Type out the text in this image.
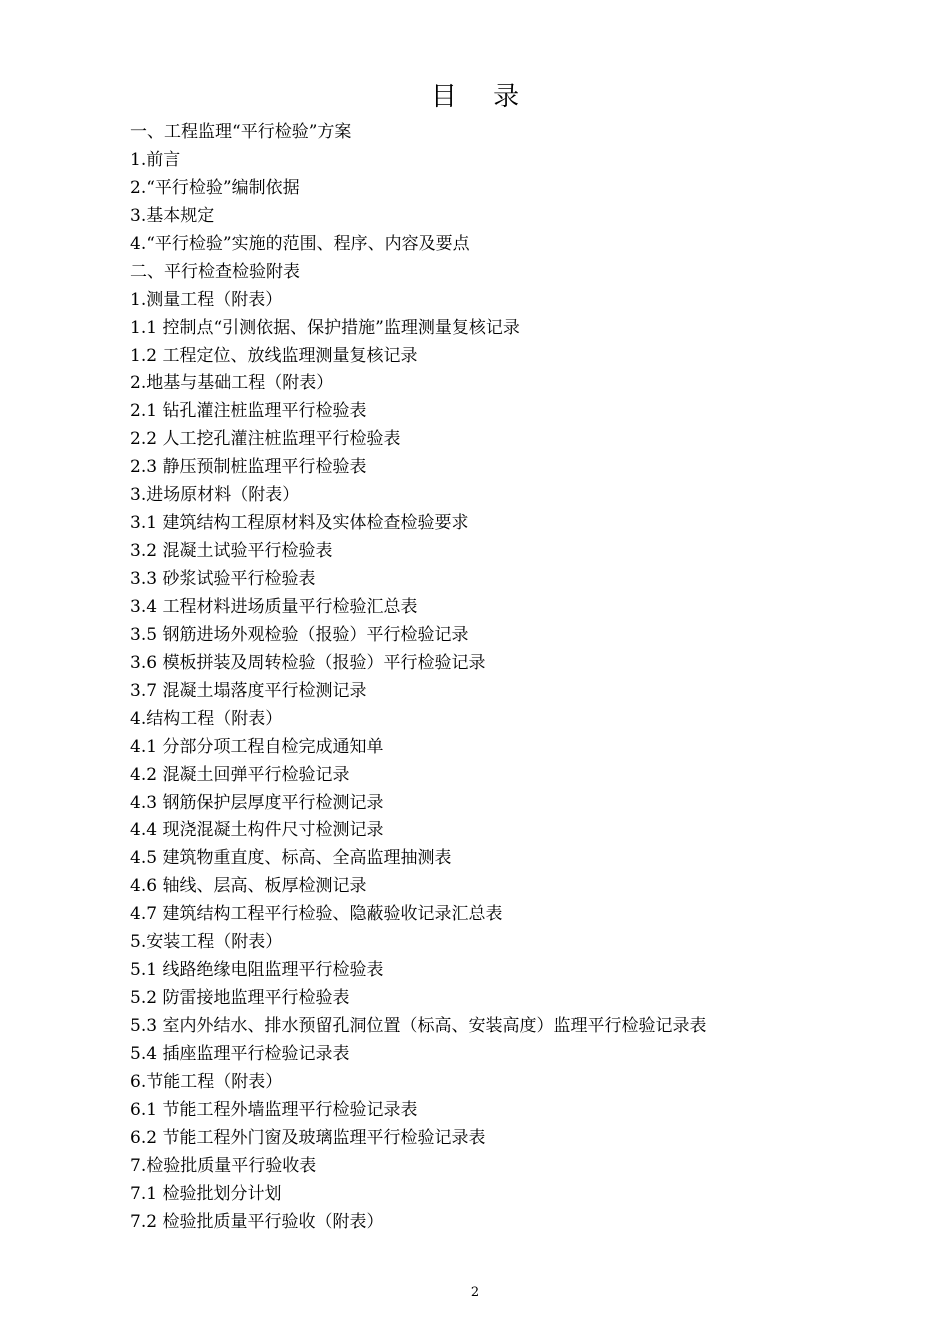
目 录
一、工程监理“平行检验”方案
1.前言
2.“平行检验”编制依据
3.基本规定
4.“平行检验”实施的范围、程序、内容及要点
二、平行检查检验附表
1.测量工程（附表）
1.1 控制点“引测依据、保护措施”监理测量复核记录
1.2 工程定位、放线监理测量复核记录
2.地基与基础工程（附表）
2.1 钻孔灌注桩监理平行检验表
2.2 人工挖孔灌注桩监理平行检验表
2.3 静压预制桩监理平行检验表
3.进场原材料（附表）
3.1 建筑结构工程原材料及实体检查检验要求
3.2 混凝土试验平行检验表
3.3 砂浆试验平行检验表
3.4 工程材料进场质量平行检验汇总表
3.5 钢筋进场外观检验（报验）平行检验记录
3.6 模板拼装及周转检验（报验）平行检验记录
3.7 混凝土塌落度平行检测记录
4.结构工程（附表）
4.1 分部分项工程自检完成通知单
4.2 混凝土回弹平行检验记录
4.3 钢筋保护层厚度平行检测记录
4.4 现浇混凝土构件尺寸检测记录
4.5 建筑物重直度、标高、全高监理抽测表
4.6 轴线、层高、板厚检测记录
4.7 建筑结构工程平行检验、隐蔽验收记录汇总表
5.安装工程（附表）
5.1 线路绝缘电阻监理平行检验表
5.2 防雷接地监理平行检验表
5.3 室内外结水、排水预留孔洞位置（标高、安装高度）监理平行检验记录表
5.4 插座监理平行检验记录表
6.节能工程（附表）
6.1 节能工程外墙监理平行检验记录表
6.2 节能工程外门窗及玻璃监理平行检验记录表
7.检验批质量平行验收表
7.1 检验批划分计划
7.2 检验批质量平行验收（附表）
2
